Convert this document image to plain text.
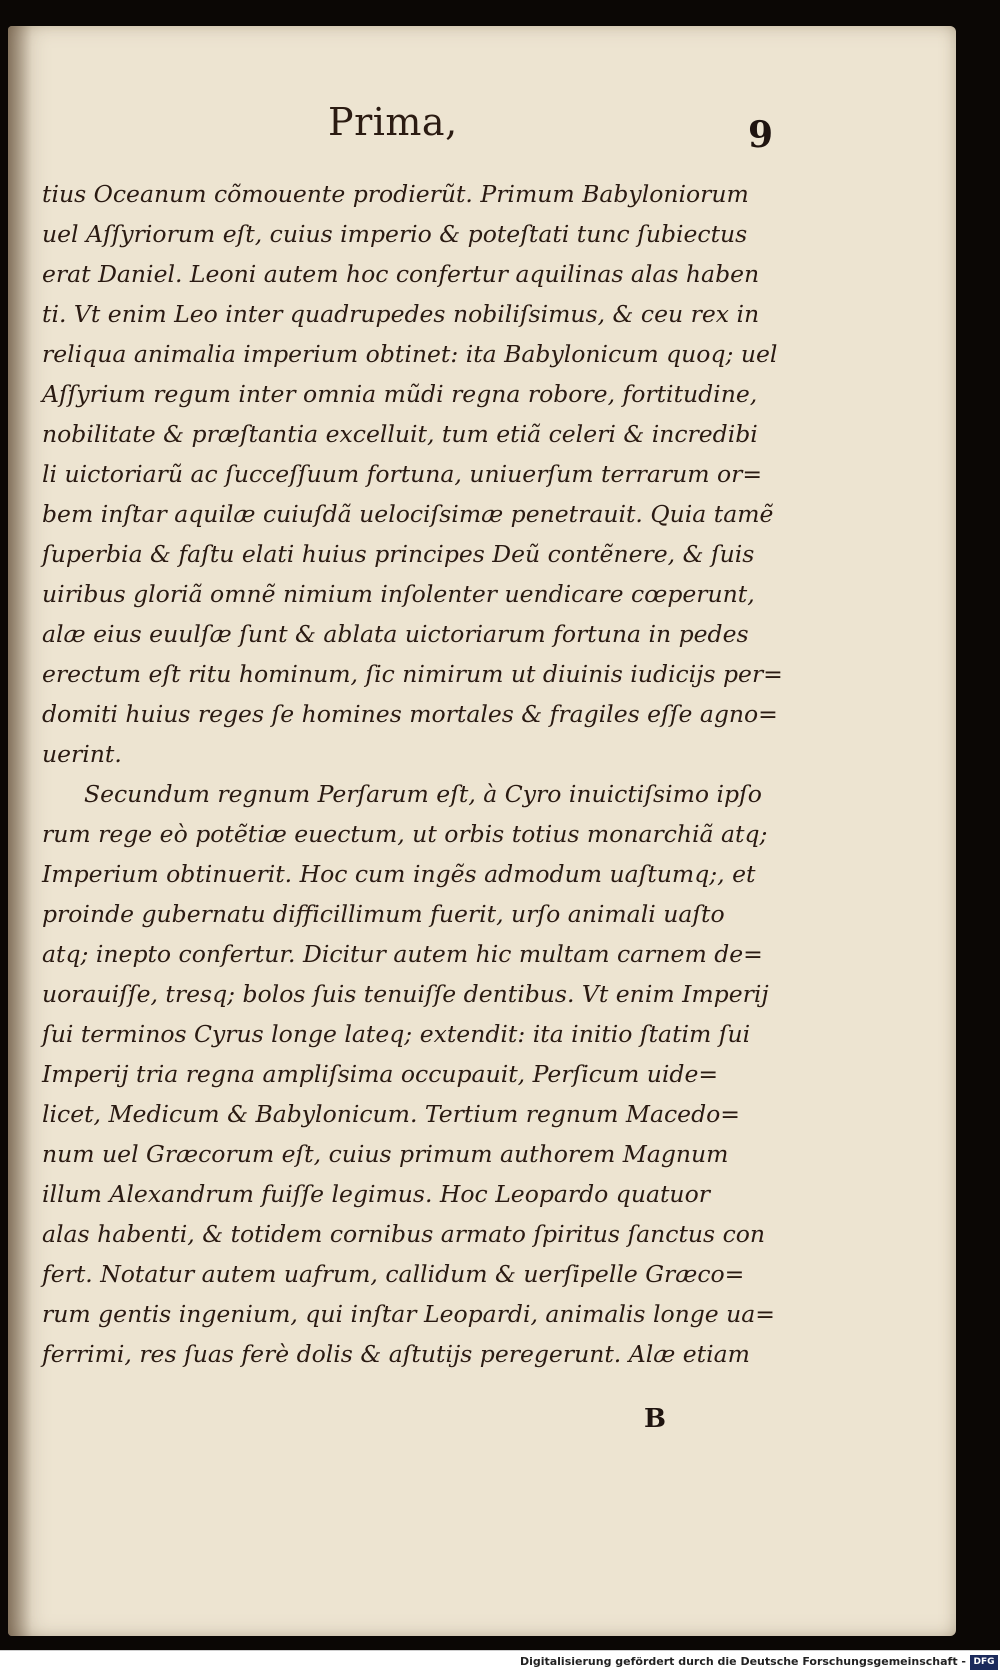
Prima,	9
tius Oceanum cõmouente prodierũt. Primum Babyloniorum
uel Aſſyriorum eſt, cuius imperio & poteſtati tunc ſubiectus
erat Daniel. Leoni autem hoc confertur aquilinas alas haben
ti. Vt enim Leo inter quadrupedes nobiliſsimus, & ceu rex in
reliqua animalia imperium obtinet: ita Babylonicum quoq; uel
Aſſyrium regum inter omnia mũdi regna robore, fortitudine,
nobilitate & præſtantia excelluit, tum etiã celeri & incredibi
li uictoriarũ ac ſucceſſuum fortuna, uniuerſum terrarum or=
bem inſtar aquilæ cuiuſdã uelociſsimæ penetrauit. Quia tamẽ
ſuperbia & faſtu elati huius principes Deũ contẽnere, & ſuis
uiribus gloriã omnẽ nimium inſolenter uendicare cœperunt,
alæ eius euulſæ ſunt & ablata uictoriarum fortuna in pedes
erectum eſt ritu hominum, ſic nimirum ut diuinis iudicijs per=
domiti huius reges ſe homines mortales & fragiles eſſe agno=
uerint.
Secundum regnum Perſarum eſt, à Cyro inuictiſsimo ipſo
rum rege eò potẽtiæ euectum, ut orbis totius monarchiã atq;
Imperium obtinuerit. Hoc cum ingẽs admodum uaſtumq;, et
proinde gubernatu difficillimum fuerit, urſo animali uaſto
atq; inepto confertur. Dicitur autem hic multam carnem de=
uorauiſſe, tresq; bolos ſuis tenuiſſe dentibus. Vt enim Imperij
ſui terminos Cyrus longe lateq; extendit: ita initio ſtatim ſui
Imperij tria regna ampliſsima occupauit, Perſicum uide=
licet, Medicum & Babylonicum. Tertium regnum Macedo=
num uel Græcorum eſt, cuius primum authorem Magnum
illum Alexandrum fuiſſe legimus. Hoc Leopardo quatuor
alas habenti, & totidem cornibus armato ſpiritus ſanctus con
fert. Notatur autem uafrum, callidum & uerſipelle Græco=
rum gentis ingenium, qui inſtar Leopardi, animalis longe ua=
ferrimi, res ſuas ferè dolis & aſtutijs peregerunt. Alæ etiam
B
Digitalisierung gefördert durch die Deutsche Forschungsgemeinschaft - DFG
